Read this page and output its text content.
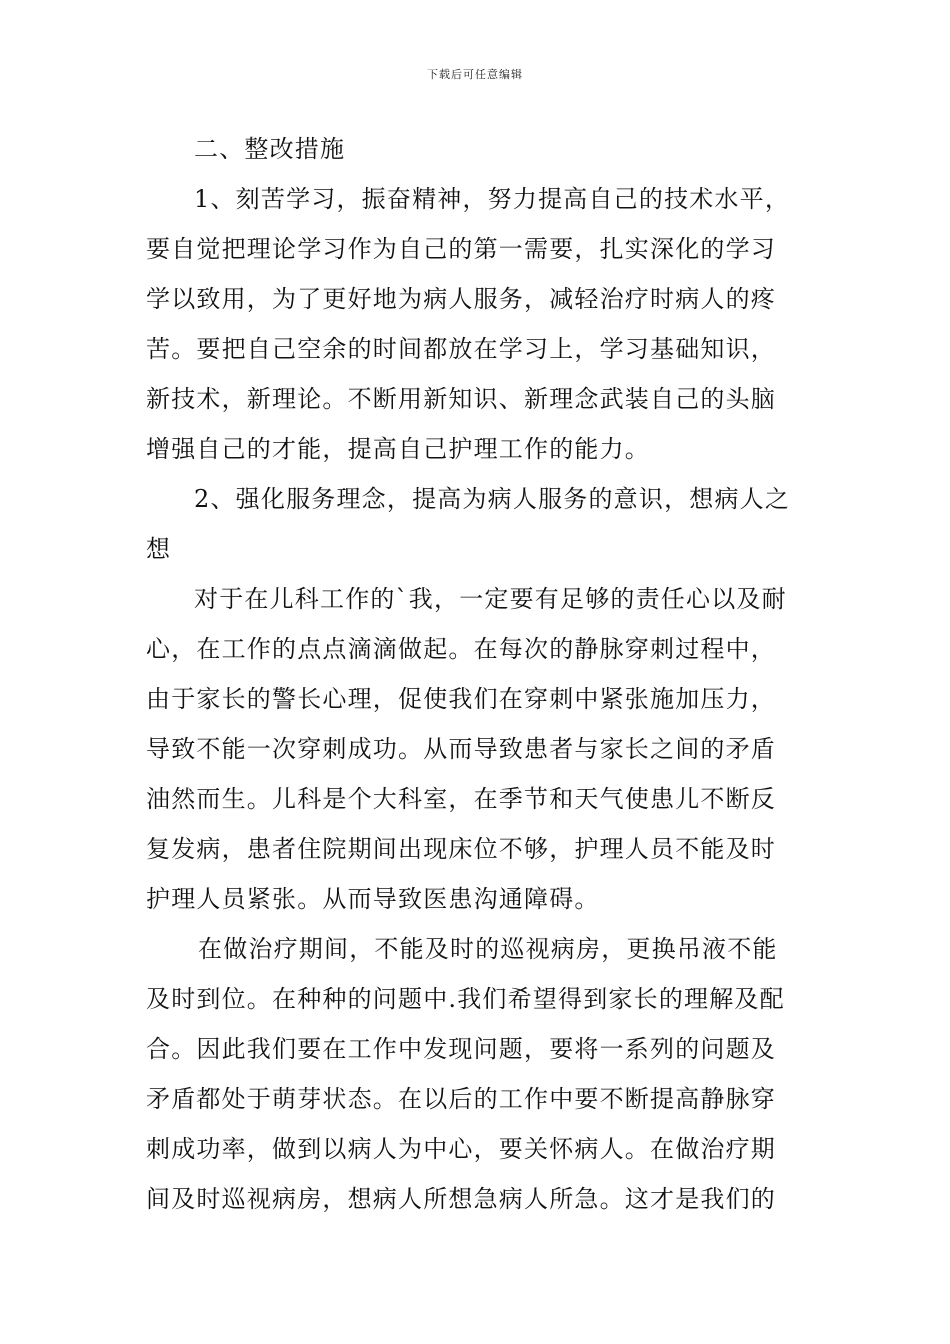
下载后可任意编辑
二、整改措施
1、刻苦学习，振奋精神，努力提高自己的技术水平，
要自觉把理论学习作为自己的第一需要，扎实深化的学习
学以致用，为了更好地为病人服务，减轻治疗时病人的疼
苦。要把自己空余的时间都放在学习上，学习基础知识，
新技术，新理论。不断用新知识、新理念武装自己的头脑
增强自己的才能，提高自己护理工作的能力。
2、强化服务理念，提高为病人服务的意识，想病人之
想
对于在儿科工作的`我，一定要有足够的责任心以及耐
心，在工作的点点滴滴做起。在每次的静脉穿刺过程中，
由于家长的警长心理，促使我们在穿刺中紧张施加压力，
导致不能一次穿刺成功。从而导致患者与家长之间的矛盾
油然而生。儿科是个大科室，在季节和天气使患儿不断反
复发病，患者住院期间出现床位不够，护理人员不能及时
护理人员紧张。从而导致医患沟通障碍。
在做治疗期间，不能及时的巡视病房，更换吊液不能
及时到位。在种种的问题中.我们希望得到家长的理解及配
合。因此我们要在工作中发现问题，要将一系列的问题及
矛盾都处于萌芽状态。在以后的工作中要不断提高静脉穿
刺成功率，做到以病人为中心，要关怀病人。在做治疗期
间及时巡视病房，想病人所想急病人所急。这才是我们的
